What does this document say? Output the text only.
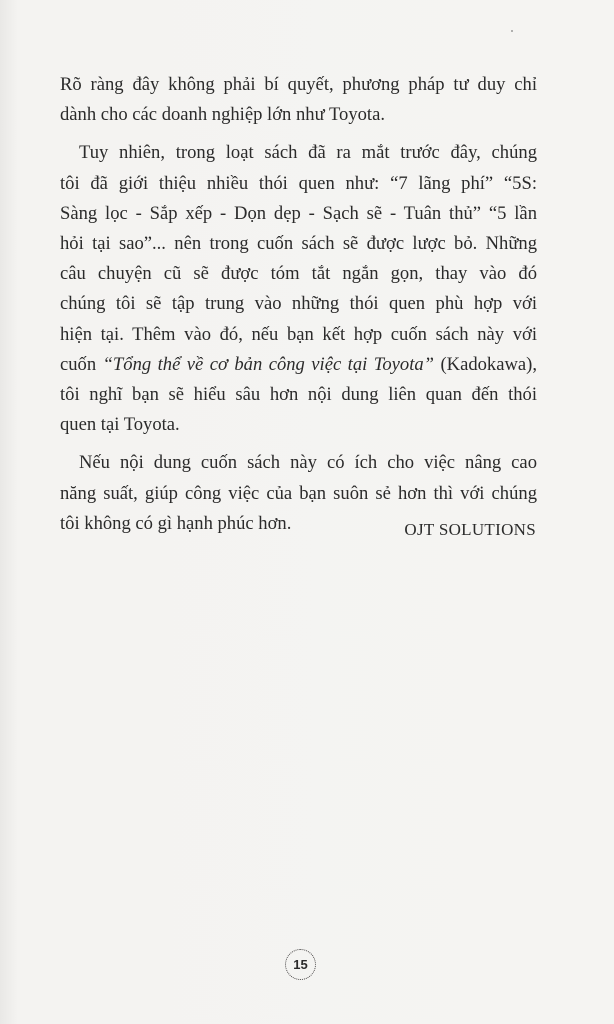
Rõ ràng đây không phải bí quyết, phương pháp tư duy chỉ
dành cho các doanh nghiệp lớn như Toyota.
Tuy nhiên, trong loạt sách đã ra mắt trước đây, chúng
tôi đã giới thiệu nhiều thói quen như: “7 lãng phí” “5S:
Sàng lọc - Sắp xếp - Dọn dẹp - Sạch sẽ - Tuân thủ” “5 lần
hỏi tại sao”... nên trong cuốn sách sẽ được lược bỏ. Những
câu chuyện cũ sẽ được tóm tắt ngắn gọn, thay vào đó
chúng tôi sẽ tập trung vào những thói quen phù hợp với
hiện tại. Thêm vào đó, nếu bạn kết hợp cuốn sách này với
cuốn “Tổng thể về cơ bản công việc tại Toyota” (Kadokawa),
tôi nghĩ bạn sẽ hiểu sâu hơn nội dung liên quan đến thói
quen tại Toyota.
Nếu nội dung cuốn sách này có ích cho việc nâng cao
năng suất, giúp công việc của bạn suôn sẻ hơn thì với chúng
tôi không có gì hạnh phúc hơn.	OJT SOLUTIONS
15
